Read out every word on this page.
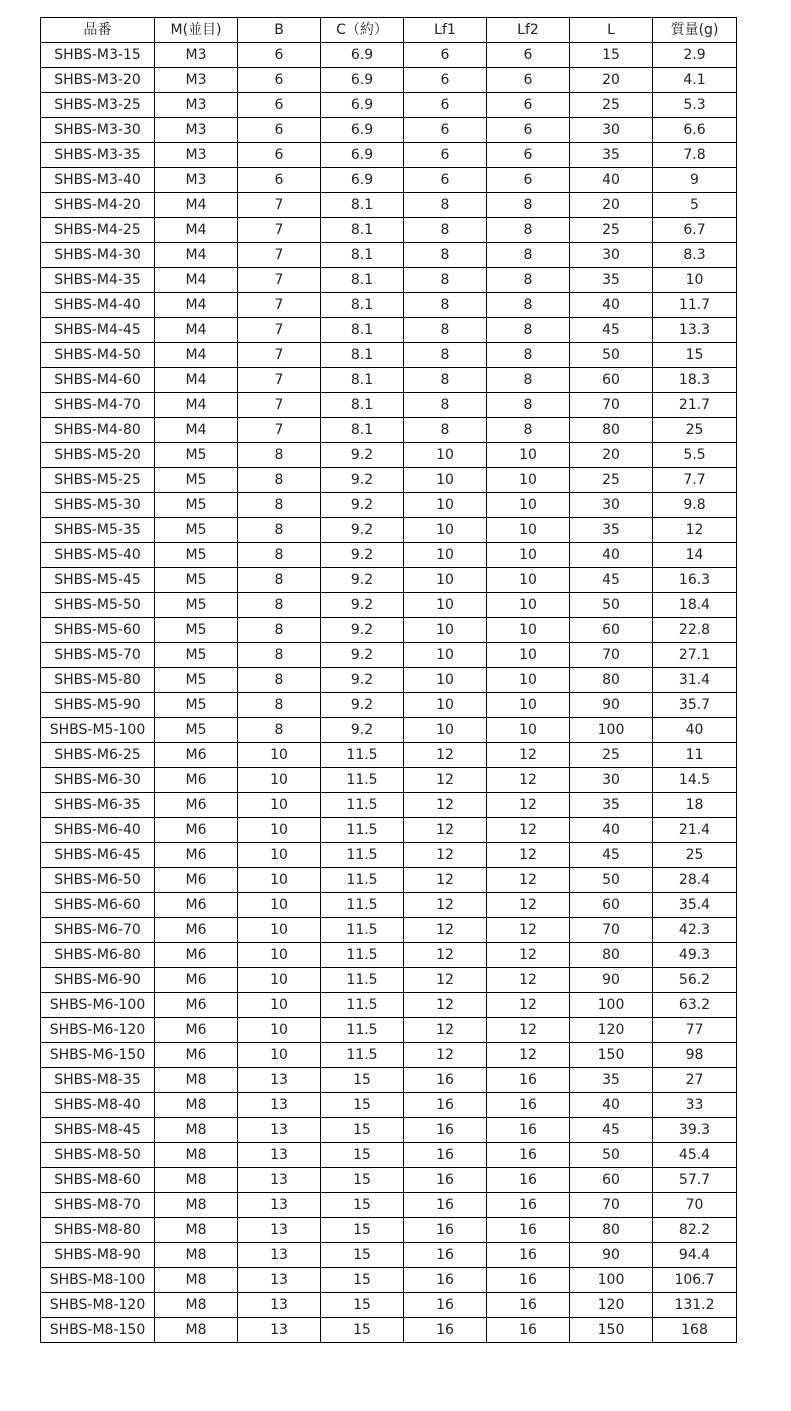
品番	M(並目)	B	C（約）	Lf1	Lf2	L	質量(g)
SHBS-M3-15	M3	6	6.9	6	6	15	2.9
SHBS-M3-20	M3	6	6.9	6	6	20	4.1
SHBS-M3-25	M3	6	6.9	6	6	25	5.3
SHBS-M3-30	M3	6	6.9	6	6	30	6.6
SHBS-M3-35	M3	6	6.9	6	6	35	7.8
SHBS-M3-40	M3	6	6.9	6	6	40	9
SHBS-M4-20	M4	7	8.1	8	8	20	5
SHBS-M4-25	M4	7	8.1	8	8	25	6.7
SHBS-M4-30	M4	7	8.1	8	8	30	8.3
SHBS-M4-35	M4	7	8.1	8	8	35	10
SHBS-M4-40	M4	7	8.1	8	8	40	11.7
SHBS-M4-45	M4	7	8.1	8	8	45	13.3
SHBS-M4-50	M4	7	8.1	8	8	50	15
SHBS-M4-60	M4	7	8.1	8	8	60	18.3
SHBS-M4-70	M4	7	8.1	8	8	70	21.7
SHBS-M4-80	M4	7	8.1	8	8	80	25
SHBS-M5-20	M5	8	9.2	10	10	20	5.5
SHBS-M5-25	M5	8	9.2	10	10	25	7.7
SHBS-M5-30	M5	8	9.2	10	10	30	9.8
SHBS-M5-35	M5	8	9.2	10	10	35	12
SHBS-M5-40	M5	8	9.2	10	10	40	14
SHBS-M5-45	M5	8	9.2	10	10	45	16.3
SHBS-M5-50	M5	8	9.2	10	10	50	18.4
SHBS-M5-60	M5	8	9.2	10	10	60	22.8
SHBS-M5-70	M5	8	9.2	10	10	70	27.1
SHBS-M5-80	M5	8	9.2	10	10	80	31.4
SHBS-M5-90	M5	8	9.2	10	10	90	35.7
SHBS-M5-100	M5	8	9.2	10	10	100	40
SHBS-M6-25	M6	10	11.5	12	12	25	11
SHBS-M6-30	M6	10	11.5	12	12	30	14.5
SHBS-M6-35	M6	10	11.5	12	12	35	18
SHBS-M6-40	M6	10	11.5	12	12	40	21.4
SHBS-M6-45	M6	10	11.5	12	12	45	25
SHBS-M6-50	M6	10	11.5	12	12	50	28.4
SHBS-M6-60	M6	10	11.5	12	12	60	35.4
SHBS-M6-70	M6	10	11.5	12	12	70	42.3
SHBS-M6-80	M6	10	11.5	12	12	80	49.3
SHBS-M6-90	M6	10	11.5	12	12	90	56.2
SHBS-M6-100	M6	10	11.5	12	12	100	63.2
SHBS-M6-120	M6	10	11.5	12	12	120	77
SHBS-M6-150	M6	10	11.5	12	12	150	98
SHBS-M8-35	M8	13	15	16	16	35	27
SHBS-M8-40	M8	13	15	16	16	40	33
SHBS-M8-45	M8	13	15	16	16	45	39.3
SHBS-M8-50	M8	13	15	16	16	50	45.4
SHBS-M8-60	M8	13	15	16	16	60	57.7
SHBS-M8-70	M8	13	15	16	16	70	70
SHBS-M8-80	M8	13	15	16	16	80	82.2
SHBS-M8-90	M8	13	15	16	16	90	94.4
SHBS-M8-100	M8	13	15	16	16	100	106.7
SHBS-M8-120	M8	13	15	16	16	120	131.2
SHBS-M8-150	M8	13	15	16	16	150	168
